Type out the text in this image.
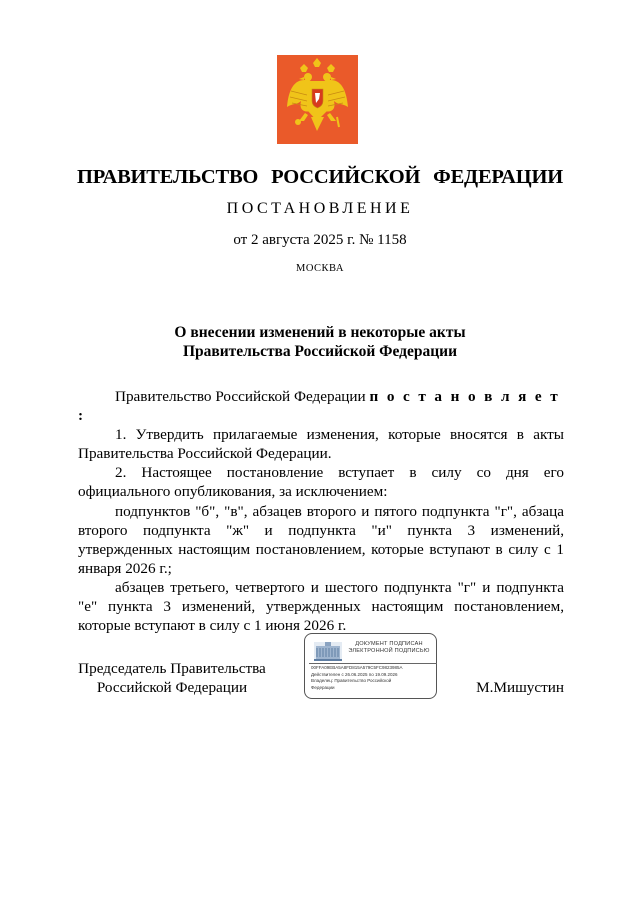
ПРАВИТЕЛЬСТВО РОССИЙСКОЙ ФЕДЕРАЦИИ
ПОСТАНОВЛЕНИЕ
от 2 августа 2025 г. № 1158
МОСКВА
О внесении изменений в некоторые акты
Правительства Российской Федерации

Правительство Российской Федерации п о с т а н о в л я е т :

1. Утвердить прилагаемые изменения, которые вносятся в акты Правительства Российской Федерации.

2. Настоящее постановление вступает в силу со дня его официального опубликования, за исключением:

подпунктов "б", "в", абзацев второго и пятого подпункта "г", абзаца второго подпункта "ж" и подпункта "и" пункта 3 изменений, утвержденных настоящим постановлением, которые вступают в силу с 1 января 2026 г.;

абзацев третьего, четвертого и шестого подпункта "г" и подпункта "е" пункта 3 изменений, утвержденных настоящим постановлением, которые вступают в силу с 1 июня 2026 г.

Председатель Правительства
Российской Федерации
ДОКУМЕНТ ПОДПИСАН
ЭЛЕКТРОННОЙ ПОДПИСЬЮ
00FFA09EBA5A8FD815A579C5FC9823985A
Действителен с 26.06.2025 по 19.09.2026
Владелец: Правительство Российской
Федерации	М.Мишустин
